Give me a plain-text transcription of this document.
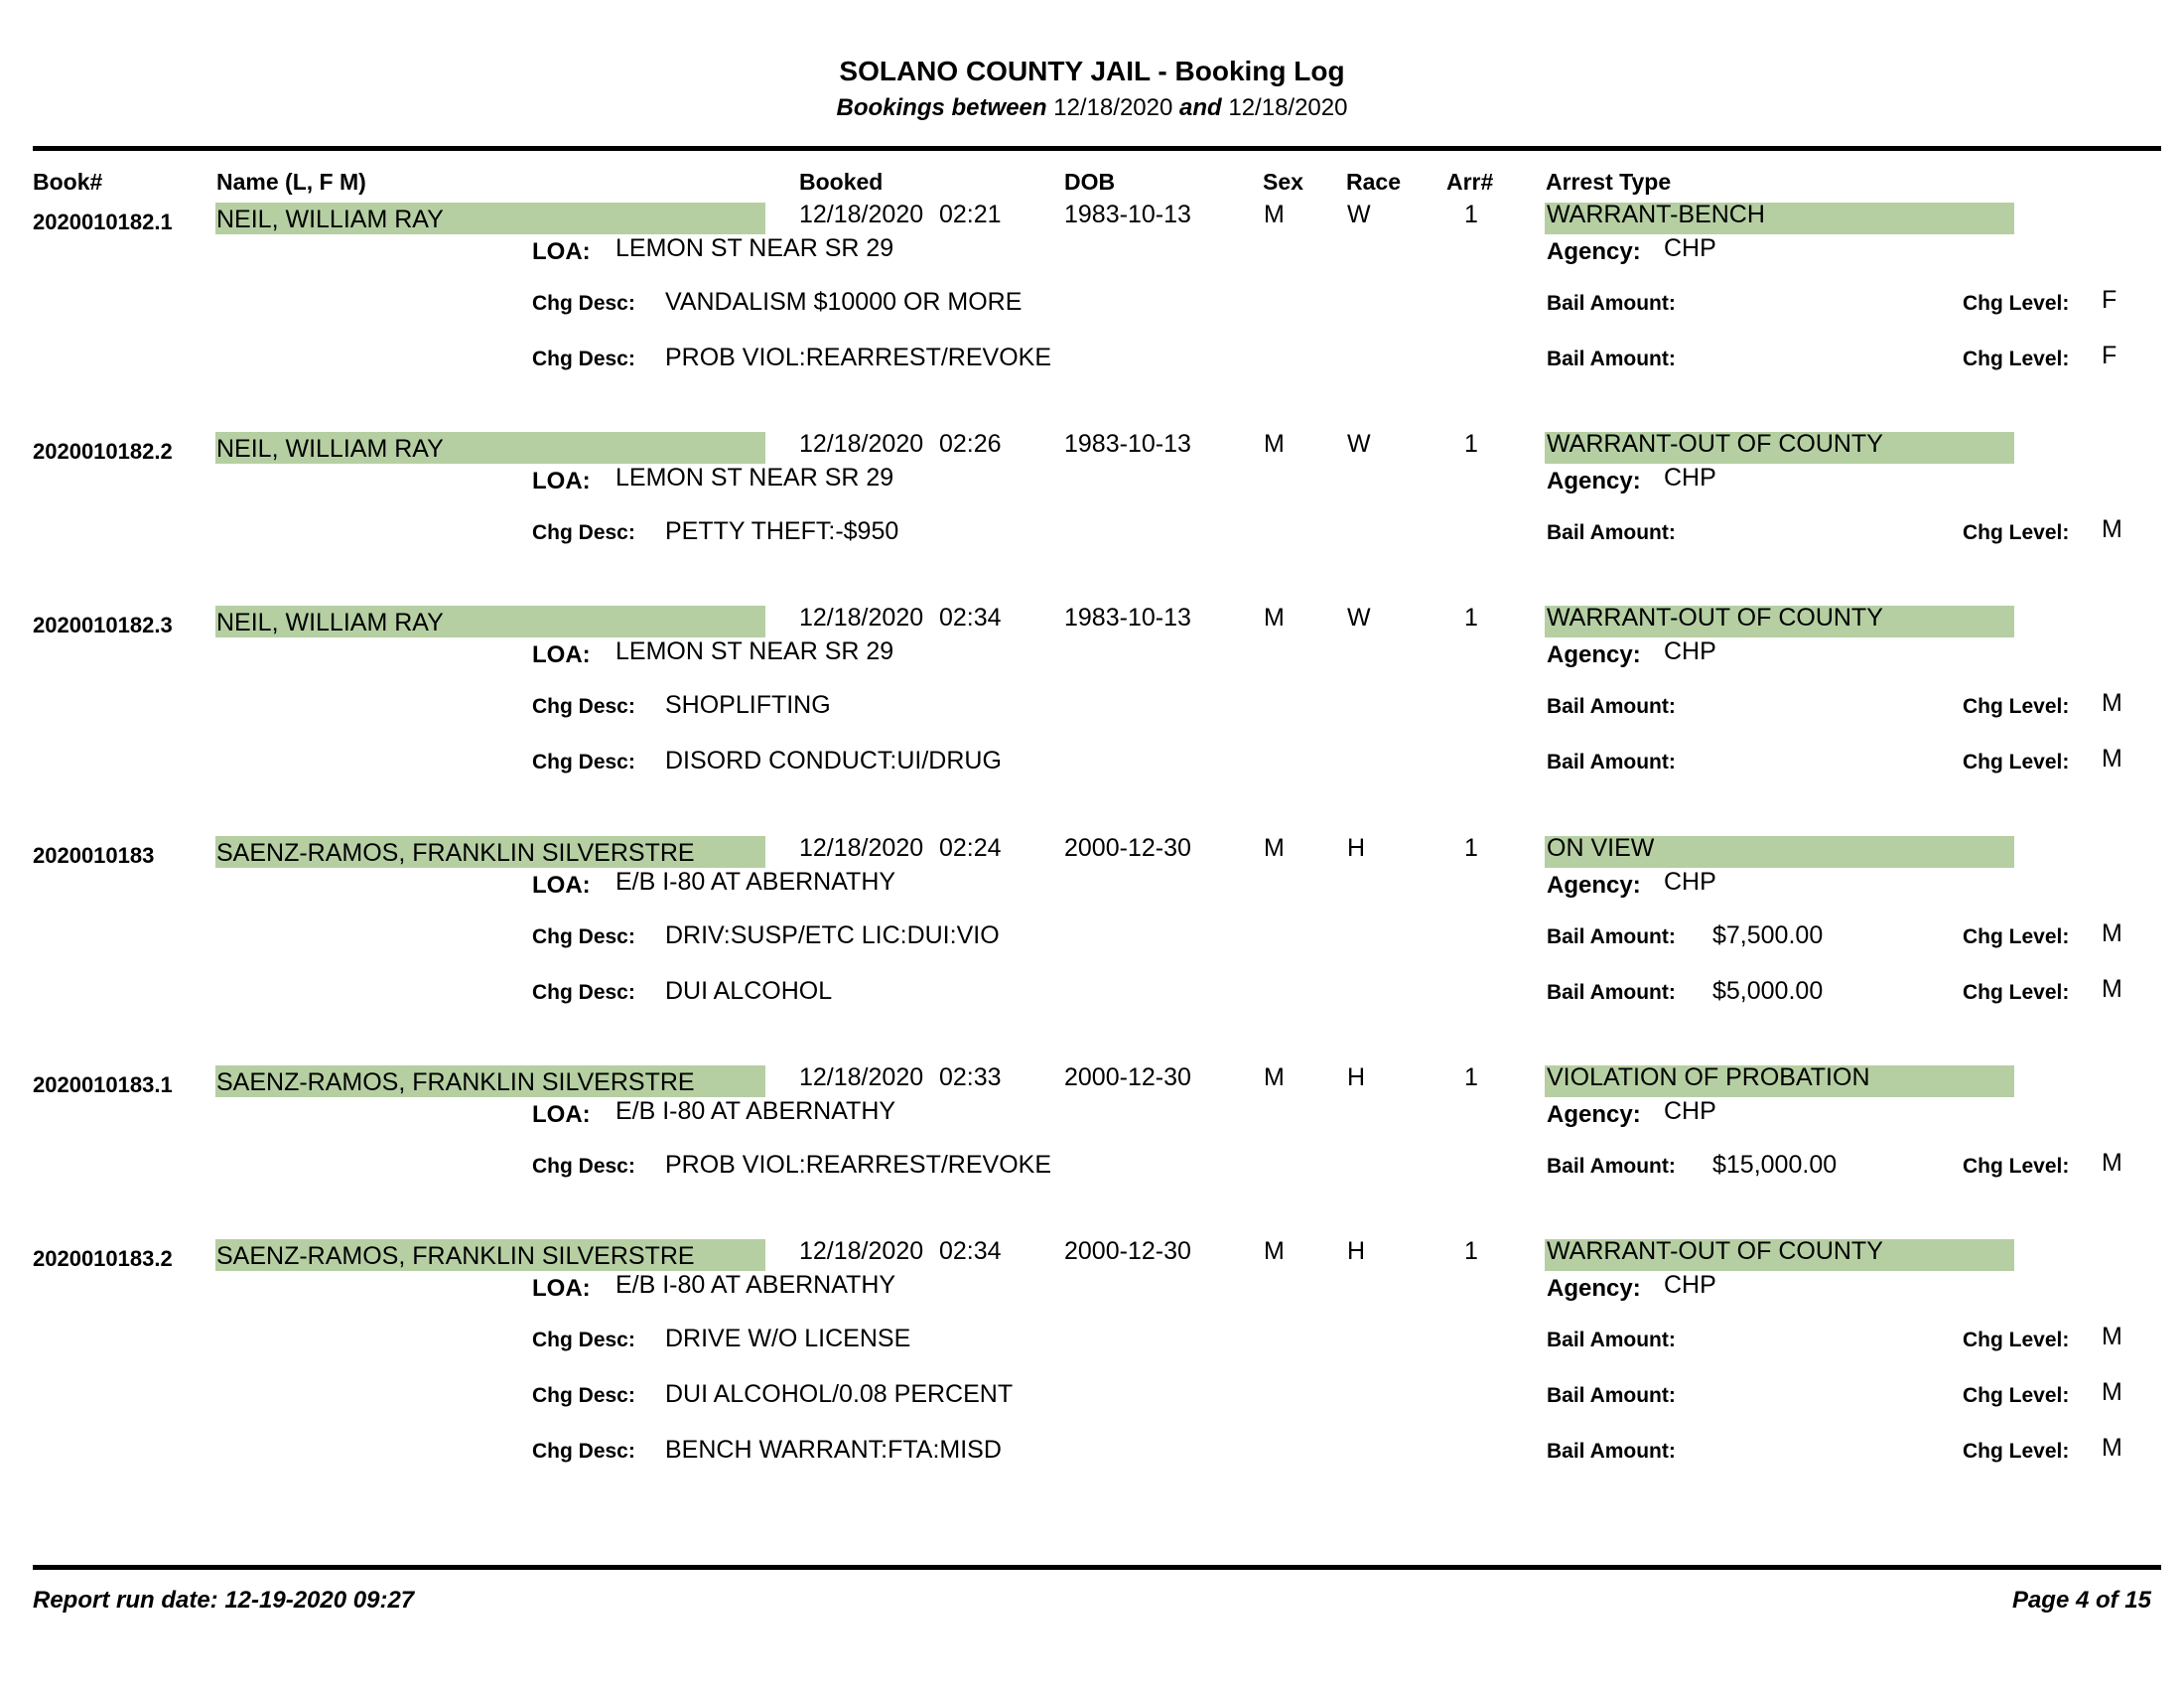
SOLANO COUNTY JAIL - Booking Log
Bookings between 12/18/2020 and 12/18/2020
Book#	Name (L, F M)	Booked	DOB	Sex Race Arr# Arrest Type
2020010182.1 NEIL, WILLIAM RAY	12/18/2020 02:21	1983-10-13	M	W	1	WARRANT-BENCH
LOA: LEMON ST NEAR SR 29	Agency: CHP
Chg Desc: VANDALISM $10000 OR MORE	Bail Amount:	Chg Level: F
Chg Desc: PROB VIOL:REARREST/REVOKE	Bail Amount:	Chg Level: F
2020010182.2 NEIL, WILLIAM RAY	12/18/2020 02:26	1983-10-13	M	W	1	WARRANT-OUT OF COUNTY
LOA: LEMON ST NEAR SR 29	Agency: CHP
Chg Desc: PETTY THEFT:-$950	Bail Amount:	Chg Level: M
2020010182.3 NEIL, WILLIAM RAY	12/18/2020 02:34	1983-10-13	M	W	1	WARRANT-OUT OF COUNTY
LOA: LEMON ST NEAR SR 29	Agency: CHP
Chg Desc: SHOPLIFTING	Bail Amount:	Chg Level: M
Chg Desc: DISORD CONDUCT:UI/DRUG	Bail Amount:	Chg Level: M
2020010183	SAENZ-RAMOS, FRANKLIN SILVERSTRE	12/18/2020 02:24	2000-12-30	M	H	1	ON VIEW
LOA: E/B I-80 AT ABERNATHY	Agency: CHP
Chg Desc: DRIV:SUSP/ETC LIC:DUI:VIO	Bail Amount: $7,500.00	Chg Level: M
Chg Desc: DUI ALCOHOL	Bail Amount: $5,000.00	Chg Level: M
2020010183.1 SAENZ-RAMOS, FRANKLIN SILVERSTRE	12/18/2020 02:33	2000-12-30	M	H	1	VIOLATION OF PROBATION
LOA: E/B I-80 AT ABERNATHY	Agency: CHP
Chg Desc: PROB VIOL:REARREST/REVOKE	Bail Amount: $15,000.00	Chg Level: M
2020010183.2 SAENZ-RAMOS, FRANKLIN SILVERSTRE	12/18/2020 02:34	2000-12-30	M	H	1	WARRANT-OUT OF COUNTY
LOA: E/B I-80 AT ABERNATHY	Agency: CHP
Chg Desc: DRIVE W/O LICENSE	Bail Amount:	Chg Level: M
Chg Desc: DUI ALCOHOL/0.08 PERCENT	Bail Amount:	Chg Level: M
Chg Desc: BENCH WARRANT:FTA:MISD	Bail Amount:	Chg Level: M
Report run date: 12-19-2020 09:27	Page 4 of 15
